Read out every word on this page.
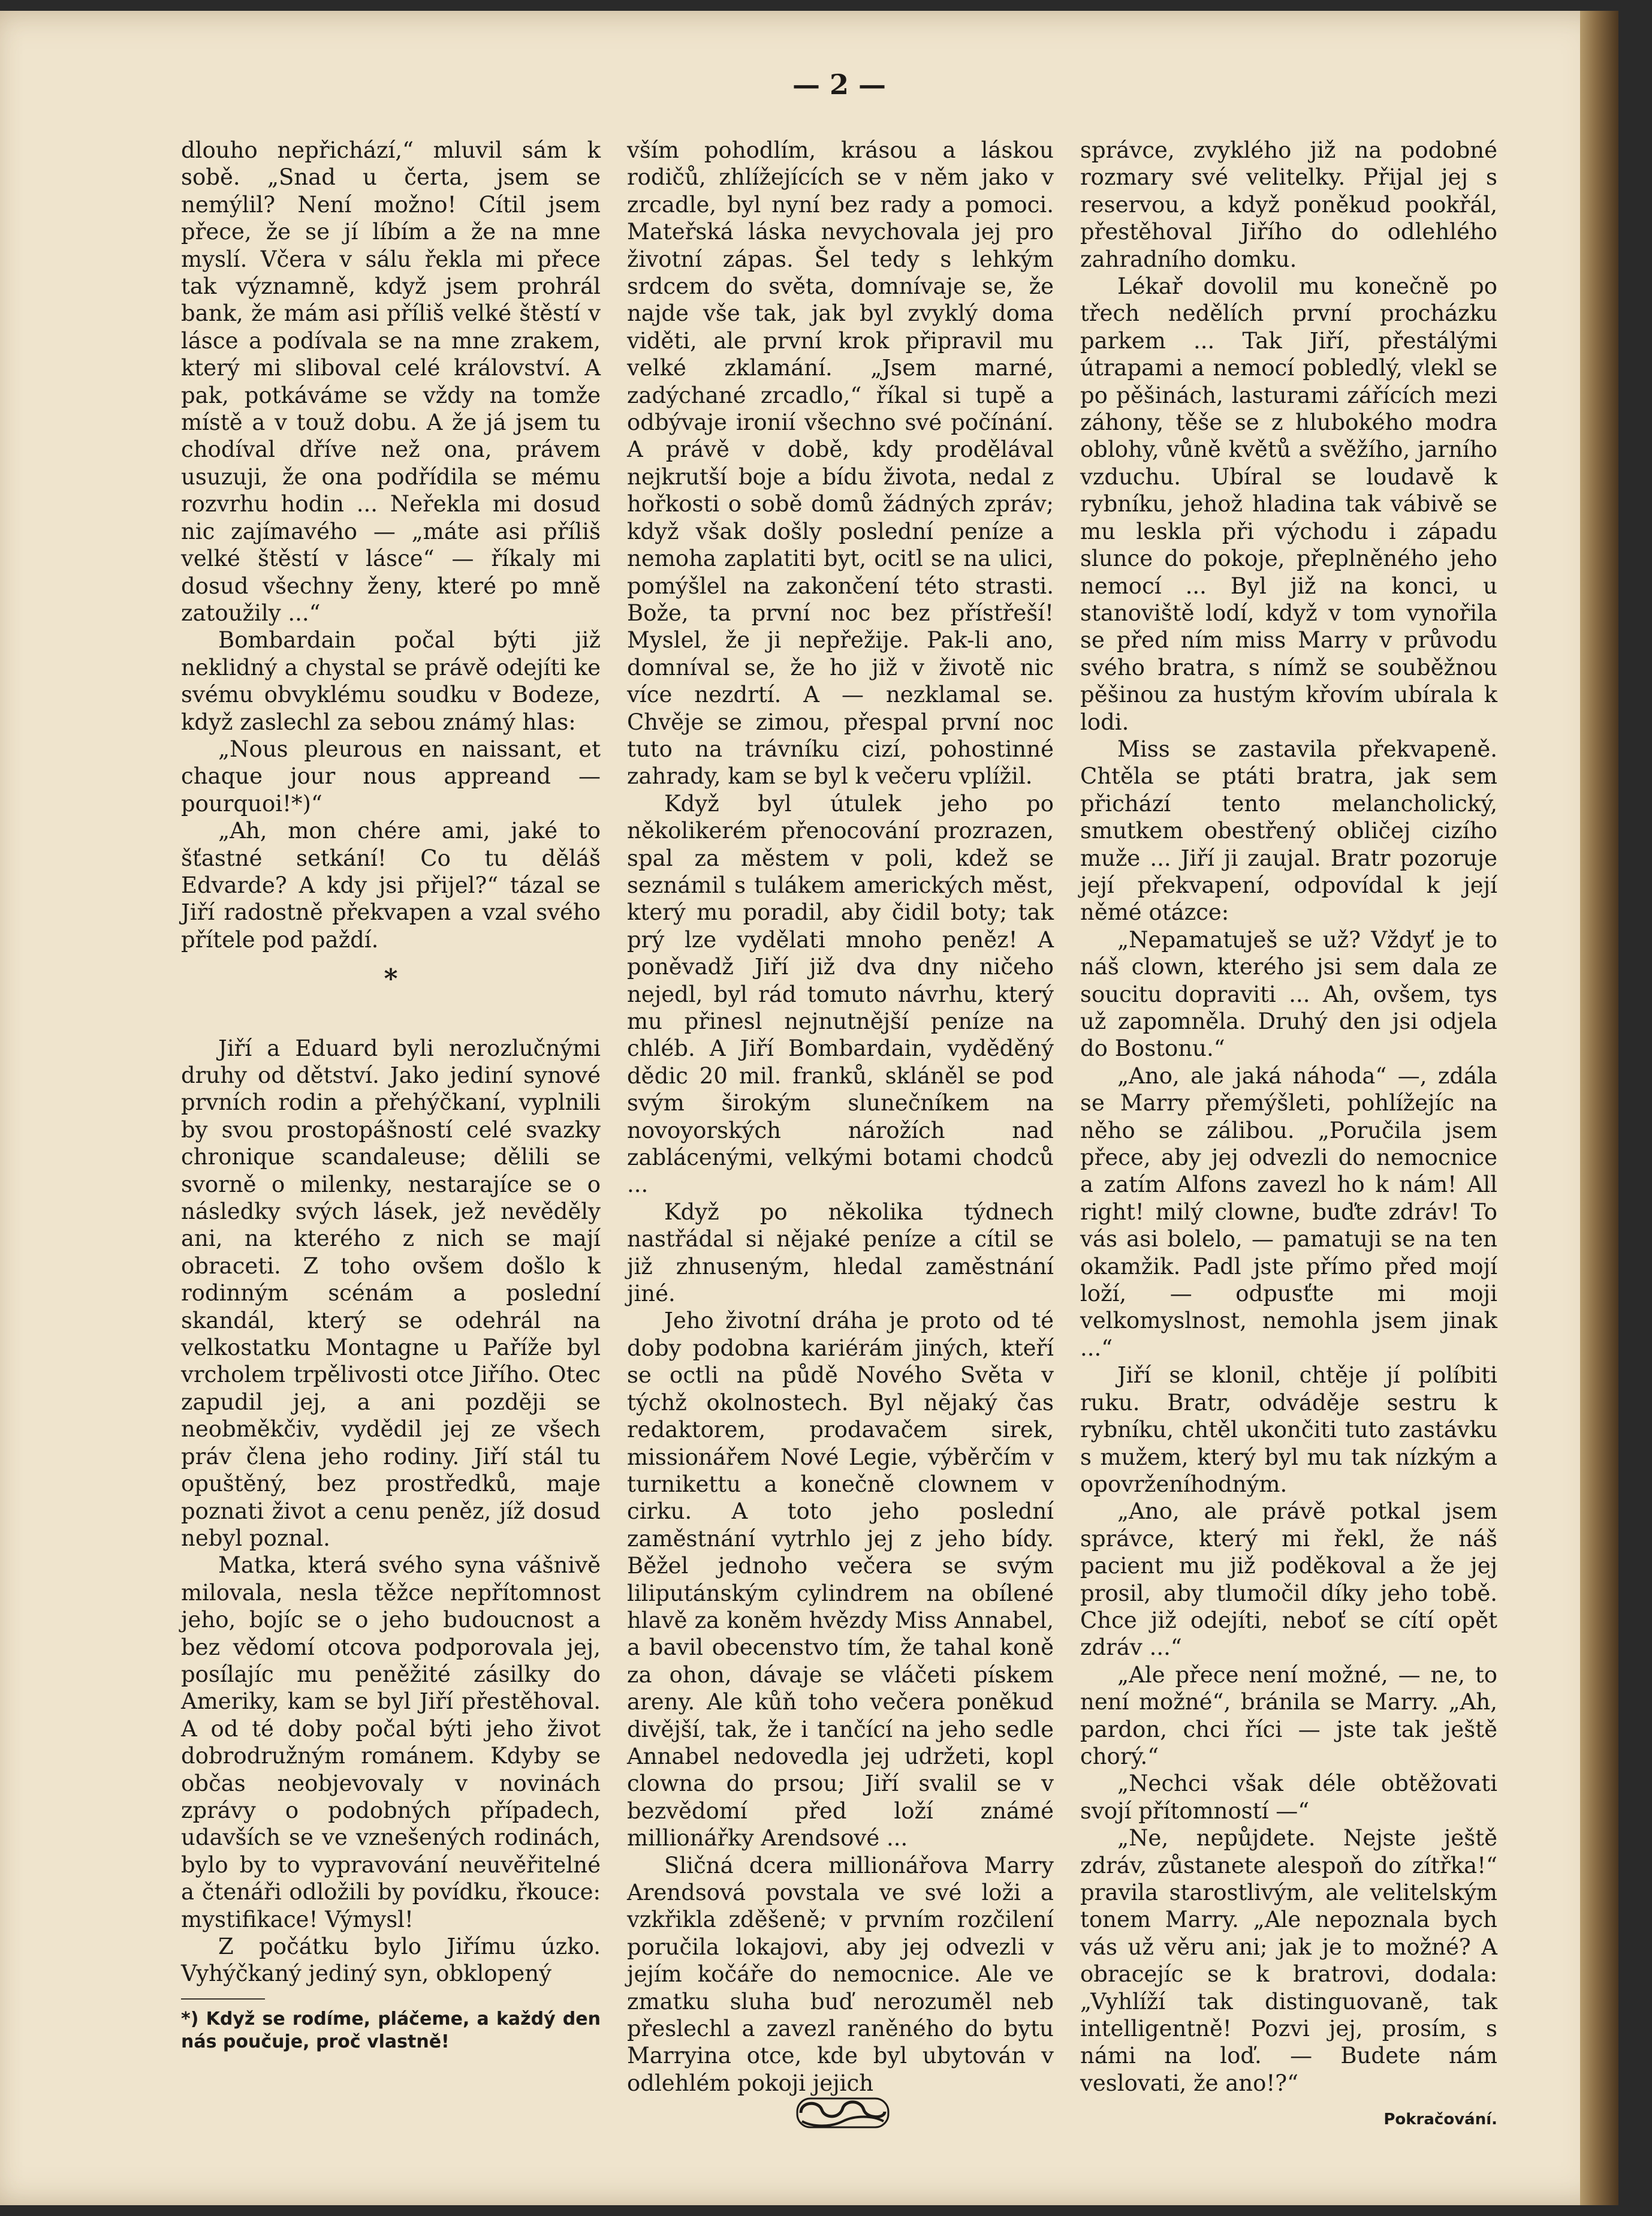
— 2 —

dlouho nepřichází,“ mluvil sám k sobě. „Snad u čerta, jsem se nemýlil? Není možno! Cítil jsem přece, že se jí líbím a že na mne myslí. Včera v sálu řekla mi přece tak významně, když jsem prohrál bank, že mám asi příliš velké štěstí v lásce a podívala se na mne zrakem, který mi sliboval celé království. A pak, potkáváme se vždy na tomže místě a v touž dobu. A že já jsem tu chodíval dříve než ona, právem usuzuji, že ona podřídila se mému rozvrhu hodin ... Neřekla mi dosud nic zajímavého — „máte asi příliš velké štěstí v lásce“ — říkaly mi dosud všechny ženy, které po mně zatoužily ...“

Bombardain počal býti již neklidný a chystal se právě odejíti ke svému obvyklému soudku v Bodeze, když zaslechl za sebou známý hlas:

„Nous pleurous en naissant, et chaque jour nous appreand — pourquoi!*)“

„Ah, mon chére ami, jaké to šťastné setkání! Co tu děláš Edvarde? A kdy jsi přijel?“ tázal se Jiří radostně překvapen a vzal svého přítele pod paždí.

*

Jiří a Eduard byli nerozlučnými druhy od dětství. Jako jediní synové prvních rodin a přehýčkaní, vyplnili by svou prostopášností celé svazky chronique scandaleuse; dělili se svorně o milenky, nestarajíce se o následky svých lásek, jež nevěděly ani, na kterého z nich se mají obraceti. Z toho ovšem došlo k rodinným scénám a poslední skandál, který se odehrál na velkostatku Montagne u Paříže byl vrcholem trpělivosti otce Jiřího. Otec zapudil jej, a ani později se neobměkčiv, vydědil jej ze všech práv člena jeho rodiny. Jiří stál tu opuštěný, bez prostředků, maje poznati život a cenu peněz, jíž dosud nebyl poznal.

Matka, která svého syna vášnivě milovala, nesla těžce nepřítomnost jeho, bojíc se o jeho budoucnost a bez vědomí otcova podporovala jej, posílajíc mu peněžité zásilky do Ameriky, kam se byl Jiří přestěhoval. A od té doby počal býti jeho život dobrodružným románem. Kdyby se občas neobjevovaly v novinách zprávy o podobných případech, udavších se ve vznešených rodinách, bylo by to vypravování neuvěřitelné a čtenáři odložili by povídku, řkouce: mystifikace! Výmysl!

Z počátku bylo Jiřímu úzko. Vyhýčkaný jediný syn, obklopený

*) Když se rodíme, pláčeme, a každý den nás poučuje, proč vlastně!

vším pohodlím, krásou a láskou rodičů, zhlížejících se v něm jako v zrcadle, byl nyní bez rady a pomoci. Mateřská láska nevychovala jej pro životní zápas. Šel tedy s lehkým srdcem do světa, domnívaje se, že najde vše tak, jak byl zvyklý doma viděti, ale první krok připravil mu velké zklamání. „Jsem marné, zadýchané zrcadlo,“ říkal si tupě a odbývaje ironií všechno své počínání. A právě v době, kdy prodělával nejkrutší boje a bídu života, nedal z hořkosti o sobě domů žádných zpráv; když však došly poslední peníze a nemoha zaplatiti byt, ocitl se na ulici, pomýšlel na zakončení této strasti. Bože, ta první noc bez přístřeší! Myslel, že ji nepřežije. Pak-li ano, domníval se, že ho již v životě nic více nezdrtí. A — nezklamal se. Chvěje se zimou, přespal první noc tuto na trávníku cizí, pohostinné zahrady, kam se byl k večeru vplížil.

Když byl útulek jeho po několikerém přenocování prozrazen, spal za městem v poli, kdež se seznámil s tulákem amerických měst, který mu poradil, aby čidil boty; tak prý lze vydělati mnoho peněz! A poněvadž Jiří již dva dny ničeho nejedl, byl rád tomuto návrhu, který mu přinesl nejnutnější peníze na chléb. A Jiří Bombardain, vyděděný dědic 20 mil. franků, skláněl se pod svým širokým slunečníkem na novoyorských nárožích nad zablácenými, velkými botami chodců ...

Když po několika týdnech nastřádal si nějaké peníze a cítil se již zhnuseným, hledal zaměstnání jiné.

Jeho životní dráha je proto od té doby podobna kariérám jiných, kteří se octli na půdě Nového Světa v týchž okolnostech. Byl nějaký čas redaktorem, prodavačem sirek, missionářem Nové Legie, výběrčím v turnikettu a konečně clownem v cirku. A toto jeho poslední zaměstnání vytrhlo jej z jeho bídy. Běžel jednoho večera se svým liliputánským cylindrem na obílené hlavě za koněm hvězdy Miss Annabel, a bavil obecenstvo tím, že tahal koně za ohon, dávaje se vláčeti pískem areny. Ale kůň toho večera poněkud divější, tak, že i tančící na jeho sedle Annabel nedovedla jej udržeti, kopl clowna do prsou; Jiří svalil se v bezvědomí před loží známé millionářky Arendsové ...

Sličná dcera millionářova Marry Arendsová povstala ve své loži a vzkřikla zděšeně; v prvním rozčilení poručila lokajovi, aby jej odvezli v jejím kočáře do nemocnice. Ale ve zmatku sluha buď nerozuměl neb přeslechl a zavezl raněného do bytu Marryina otce, kde byl ubytován v odlehlém pokoji jejich

správce, zvyklého již na podobné rozmary své velitelky. Přijal jej s reservou, a když poněkud pookřál, přestěhoval Jiřího do odlehlého zahradního domku.

Lékař dovolil mu konečně po třech nedělích první procházku parkem ... Tak Jiří, přestálými útrapami a nemocí pobledlý, vlekl se po pěšinách, lasturami zářících mezi záhony, těše se z hlubokého modra oblohy, vůně květů a svěžího, jarního vzduchu. Ubíral se loudavě k rybníku, jehož hladina tak vábivě se mu leskla při východu i západu slunce do pokoje, přeplněného jeho nemocí ... Byl již na konci, u stanoviště lodí, když v tom vynořila se před ním miss Marry v průvodu svého bratra, s nímž se souběžnou pěšinou za hustým křovím ubírala k lodi.

Miss se zastavila překvapeně. Chtěla se ptáti bratra, jak sem přichází tento melancholický, smutkem obestřený obličej cizího muže ... Jiří ji zaujal. Bratr pozoruje její překvapení, odpovídal k její němé otázce:

„Nepamatuješ se už? Vždyť je to náš clown, kterého jsi sem dala ze soucitu dopraviti ... Ah, ovšem, tys už zapomněla. Druhý den jsi odjela do Bostonu.“

„Ano, ale jaká náhoda“ —, zdála se Marry přemýšleti, pohlížejíc na něho se zálibou. „Poručila jsem přece, aby jej odvezli do nemocnice a zatím Alfons zavezl ho k nám! All right! milý clowne, buďte zdráv! To vás asi bolelo, — pamatuji se na ten okamžik. Padl jste přímo před mojí loží, — odpusťte mi moji velkomyslnost, nemohla jsem jinak ...“

Jiří se klonil, chtěje jí políbiti ruku. Bratr, odváděje sestru k rybníku, chtěl ukončiti tuto zastávku s mužem, který byl mu tak nízkým a opovrženíhodným.

„Ano, ale právě potkal jsem správce, který mi řekl, že náš pacient mu již poděkoval a že jej prosil, aby tlumočil díky jeho tobě. Chce již odejíti, neboť se cítí opět zdráv ...“

„Ale přece není možné, — ne, to není možné“, bránila se Marry. „Ah, pardon, chci říci — jste tak ještě chorý.“

„Nechci však déle obtěžovati svojí přítomností —“

„Ne, nepůjdete. Nejste ještě zdráv, zůstanete alespoň do zítřka!“ pravila starostlivým, ale velitelským tonem Marry. „Ale nepoznala bych vás už věru ani; jak je to možné? A obracejíc se k bratrovi, dodala: „Vyhlíží tak distinguovaně, tak intelligentně! Pozvi jej, prosím, s námi na loď. — Budete nám veslovati, že ano!?“

Pokračování.
